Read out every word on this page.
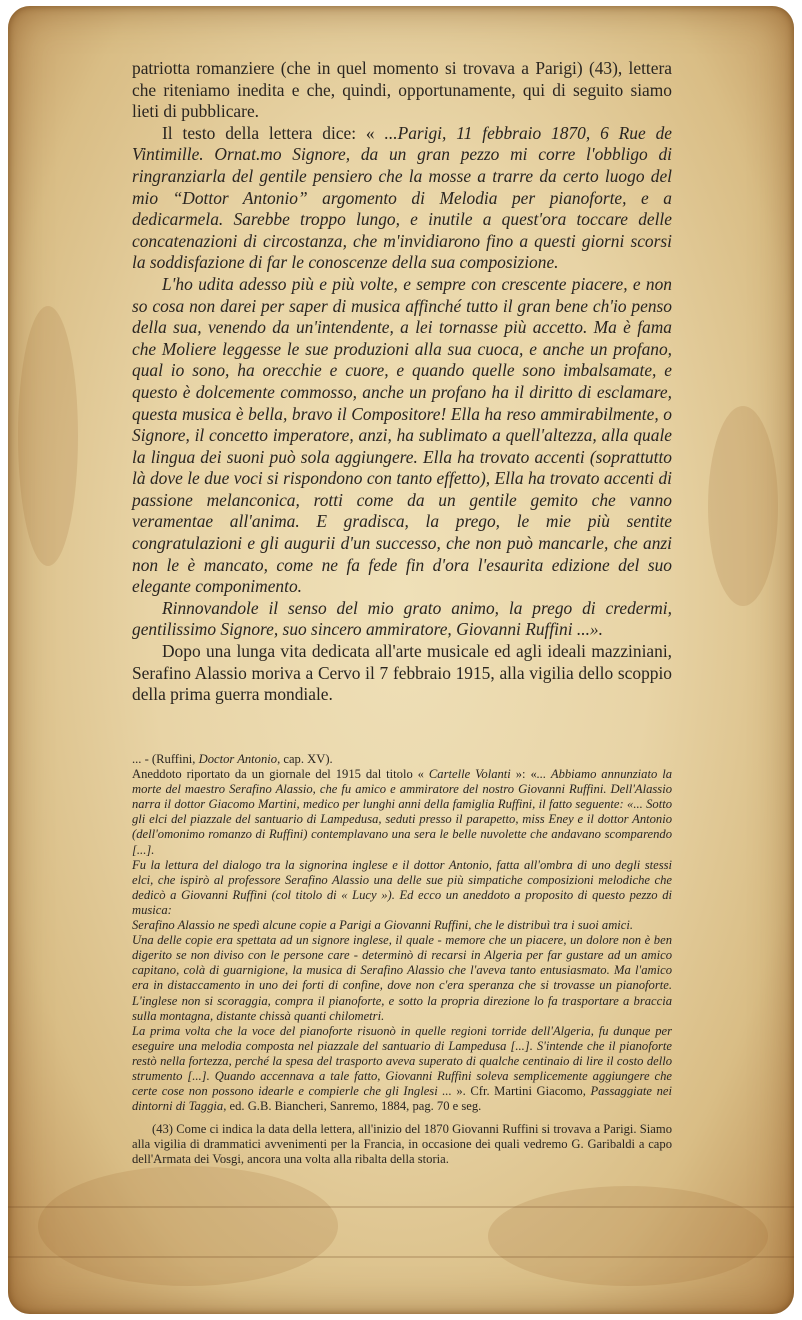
patriotta romanziere (che in quel momento si trovava a Parigi) (43), lettera che riteniamo inedita e che, quindi, opportunamente, qui di seguito siamo lieti di pubblicare.

Il testo della lettera dice: « ...Parigi, 11 febbraio 1870, 6 Rue de Vintimille. Ornat.mo Signore, da un gran pezzo mi corre l'obbligo di ringranziarla del gentile pensiero che la mosse a trarre da certo luogo del mio “Dottor Antonio” argomento di Melodia per pianoforte, e a dedicarmela. Sarebbe troppo lungo, e inutile a quest'ora toccare delle concatenazioni di circostanza, che m'invidiarono fino a questi giorni scorsi la soddisfazione di far le conoscenze della sua composizione.

L'ho udita adesso più e più volte, e sempre con crescente piacere, e non so cosa non darei per saper di musica affinché tutto il gran bene ch'io penso della sua, venendo da un'intendente, a lei tornasse più accetto. Ma è fama che Moliere leggesse le sue produzioni alla sua cuoca, e anche un profano, qual io sono, ha orecchie e cuore, e quando quelle sono imbalsamate, e questo è dolcemente commosso, anche un profano ha il diritto di esclamare, questa musica è bella, bravo il Compositore! Ella ha reso ammirabilmente, o Signore, il concetto imperatore, anzi, ha sublimato a quell'altezza, alla quale la lingua dei suoni può sola aggiungere. Ella ha trovato accenti (soprattutto là dove le due voci si rispondono con tanto effetto), Ella ha trovato accenti di passione melanconica, rotti come da un gentile gemito che vanno veramentae all'anima. E gradisca, la prego, le mie più sentite congratulazioni e gli augurii d'un successo, che non può mancarle, che anzi non le è mancato, come ne fa fede fin d'ora l'esaurita edizione del suo elegante componimento.

Rinnovandole il senso del mio grato animo, la prego di credermi, gentilissimo Signore, suo sincero ammiratore, Giovanni Ruffini ...».

Dopo una lunga vita dedicata all'arte musicale ed agli ideali mazziniani, Serafino Alassio moriva a Cervo il 7 febbraio 1915, alla vigilia dello scoppio della prima guerra mondiale.

... - (Ruffini, Doctor Antonio, cap. XV).

Aneddoto riportato da un giornale del 1915 dal titolo « Cartelle Volanti »: «... Abbiamo annunziato la morte del maestro Serafino Alassio, che fu amico e ammiratore del nostro Giovanni Ruffini. Dell'Alassio narra il dottor Giacomo Martini, medico per lunghi anni della famiglia Ruffini, il fatto seguente: «... Sotto gli elci del piazzale del santuario di Lampedusa, seduti presso il parapetto, miss Eney e il dottor Antonio (dell'omonimo romanzo di Ruffini) contemplavano una sera le belle nuvolette che andavano scomparendo [...].

Fu la lettura del dialogo tra la signorina inglese e il dottor Antonio, fatta all'ombra di uno degli stessi elci, che ispirò al professore Serafino Alassio una delle sue più simpatiche composizioni melodiche che dedicò a Giovanni Ruffini (col titolo di « Lucy »). Ed ecco un aneddoto a proposito di questo pezzo di musica:

Serafino Alassio ne spedì alcune copie a Parigi a Giovanni Ruffini, che le distribuì tra i suoi amici.

Una delle copie era spettata ad un signore inglese, il quale - memore che un piacere, un dolore non è ben digerito se non diviso con le persone care - determinò di recarsi in Algeria per far gustare ad un amico capitano, colà di guarnigione, la musica di Serafino Alassio che l'aveva tanto entusiasmato. Ma l'amico era in distaccamento in uno dei forti di confine, dove non c'era speranza che si trovasse un pianoforte. L'inglese non si scoraggia, compra il pianoforte, e sotto la propria direzione lo fa trasportare a braccia sulla montagna, distante chissà quanti chilometri.

La prima volta che la voce del pianoforte risuonò in quelle regioni torride dell'Algeria, fu dunque per eseguire una melodia composta nel piazzale del santuario di Lampedusa [...]. S'intende che il pianoforte restò nella fortezza, perché la spesa del trasporto aveva superato di qualche centinaio di lire il costo dello strumento [...]. Quando accennava a tale fatto, Giovanni Ruffini soleva semplicemente aggiungere che certe cose non possono idearle e compierle che gli Inglesi ... ». Cfr. Martini Giacomo, Passaggiate nei dintorni di Taggia, ed. G.B. Biancheri, Sanremo, 1884, pag. 70 e seg.

(43) Come ci indica la data della lettera, all'inizio del 1870 Giovanni Ruffini si trovava a Parigi. Siamo alla vigilia di drammatici avvenimenti per la Francia, in occasione dei quali vedremo G. Garibaldi a capo dell'Armata dei Vosgi, ancora una volta alla ribalta della storia.
